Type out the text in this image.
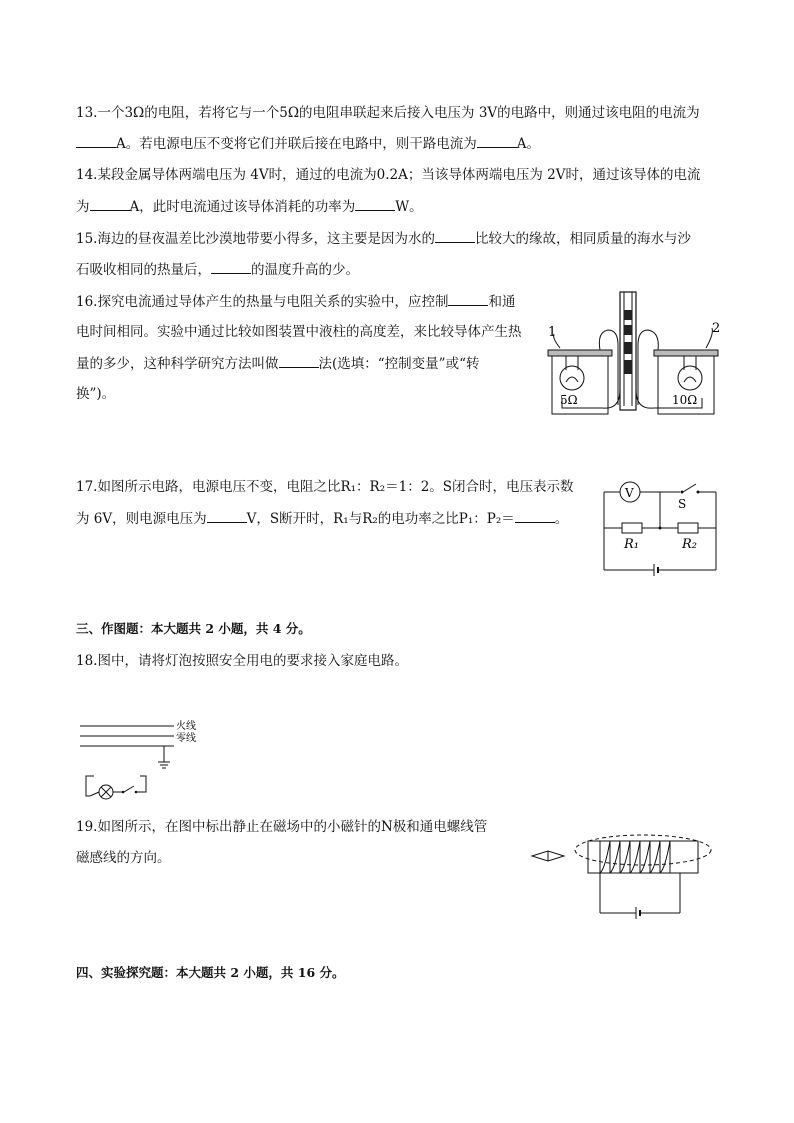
13.一个3Ω的电阻，若将它与一个5Ω的电阻串联起来后接入电压为 3V的电路中，则通过该电阻的电流为
A。若电源电压不变将它们并联后接在电路中，则干路电流为	A。
14.某段金属导体两端电压为 4V时，通过的电流为0.2A；当该导体两端电压为 2V时，通过该导体的电流
为	A，此时电流通过该导体消耗的功率为	W。
15.海边的昼夜温差比沙漠地带要小得多，这主要是因为水的	比较大的缘故，相同质量的海水与沙
石吸收相同的热量后，	的温度升高的少。
16.探究电流通过导体产生的热量与电阻关系的实验中，应控制	和通
电时间相同。实验中通过比较如图装置中液柱的高度差，来比较导体产生热
量的多少，这种科学研究方法叫做	法(选填：“控制变量”或“转
换”)。	5Ω
1
10Ω
2
17.如图所示电路，电源电压不变，电阻之比R₁：R₂＝1：2。S闭合时，电压表示数
为 6V，则电源电压为	V，S断开时，R₁与R₂的电功率之比P₁：P₂＝	。
V
S
R₁	R₂
三、作图题：本大题共 2 小题，共 4 分。
18.图中，请将灯泡按照安全用电的要求接入家庭电路。
火线
零线
19.如图所示，在图中标出静止在磁场中的小磁针的N极和通电螺线管
磁感线的方向。
四、实验探究题：本大题共 2 小题，共 16 分。
